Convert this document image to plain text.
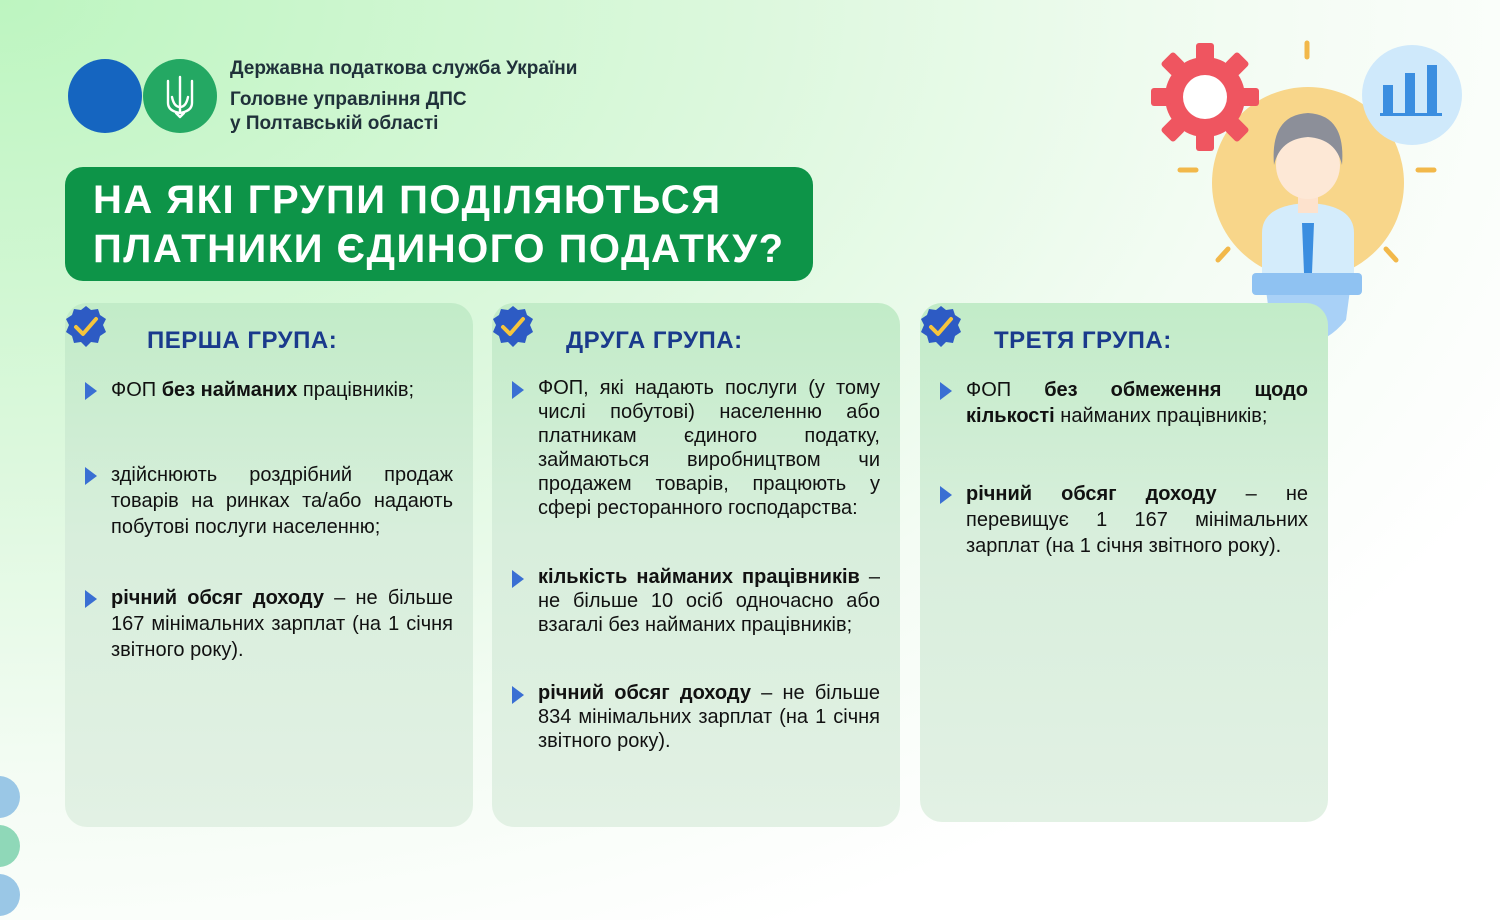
Державна податкова служба України
Головне управління ДПС
у Полтавській області
НА ЯКІ ГРУПИ ПОДІЛЯЮТЬСЯ
ПЛАТНИКИ ЄДИНОГО ПОДАТКУ?
ПЕРША ГРУПА:
ФОП без найманих працівників;
здійснюють роздрібний продаж товарів на ринках та/або надають побутові послуги населенню;
річний обсяг доходу – не більше 167 мінімальних зарплат (на 1 січня звітного року).
ДРУГА ГРУПА:
ФОП, які надають послуги (у тому числі побутові) населенню або платникам єдиного податку, займаються виробництвом чи продажем товарів, працюють у сфері ресторанного господарства:
кількість найманих працівників – не більше 10 осіб одночасно або взагалі без найманих працівників;
річний обсяг доходу – не більше 834 мінімальних зарплат (на 1 січня звітного року).
ТРЕТЯ ГРУПА:
ФОП без обмеження щодо кількості найманих працівників;
річний обсяг доходу – не перевищує 1 167 мінімальних зарплат (на 1 січня звітного року).
